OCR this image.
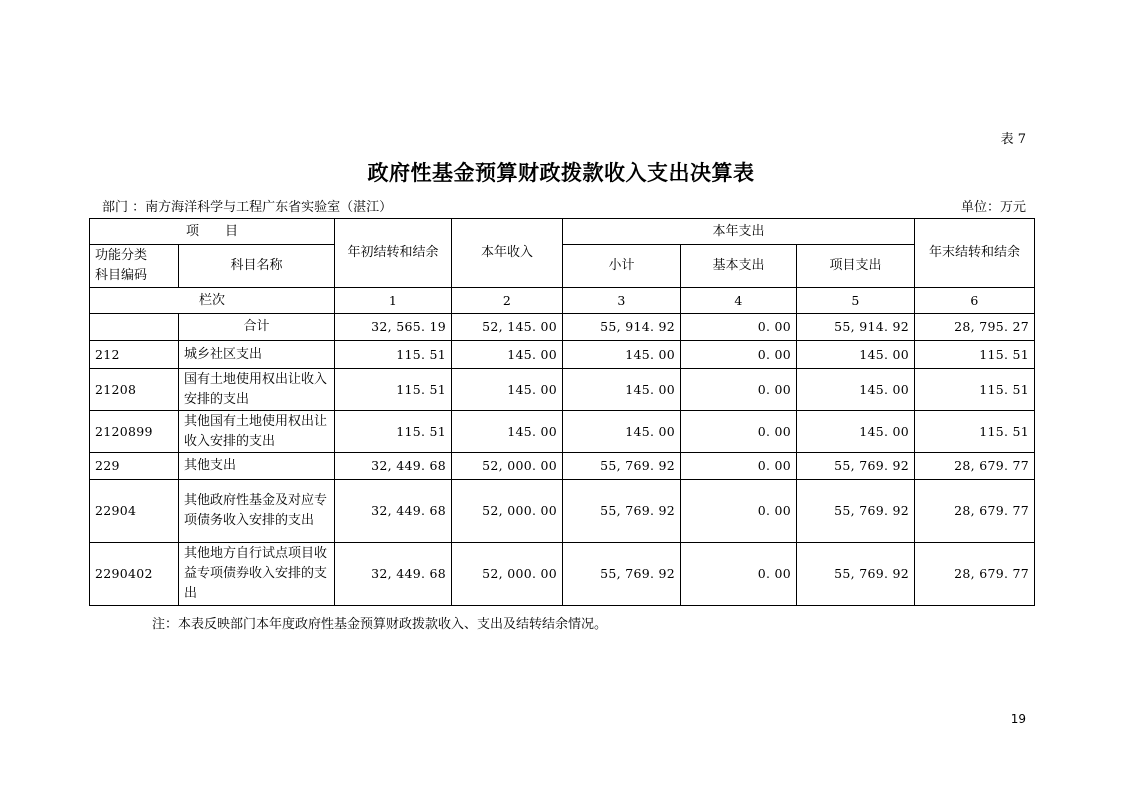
表 7
政府性基金预算财政拨款收入支出决算表
部门 ：南方海洋科学与工程广东省实验室（湛江）	单位：万元
项　　目		年初结转和结余	本年收入	本年支出			年末结转和结余
功能分类
科目编码	科目名称			小计	基本支出	项目支出	

栏次		1	2	3	4	5	6
	合计	32, 565. 19	52, 145. 00	55, 914. 92	0. 00	55, 914. 92	28, 795. 27
212	城乡社区支出	115. 51	145. 00	145. 00	0. 00	145. 00	115. 51
21208	国有土地使用权出让收入安排的支出	115. 51	145. 00	145. 00	0. 00	145. 00	115. 51
2120899	其他国有土地使用权出让收入安排的支出	115. 51	145. 00	145. 00	0. 00	145. 00	115. 51
229	其他支出	32, 449. 68	52, 000. 00	55, 769. 92	0. 00	55, 769. 92	28, 679. 77
22904	其他政府性基金及对应专项债务收入安排的支出	32, 449. 68	52, 000. 00	55, 769. 92	0. 00	55, 769. 92	28, 679. 77
2290402	其他地方自行试点项目收益专项债券收入安排的支出	32, 449. 68	52, 000. 00	55, 769. 92	0. 00	55, 769. 92	28, 679. 77
注：本表反映部门本年度政府性基金预算财政拨款收入、支出及结转结余情况。
19
